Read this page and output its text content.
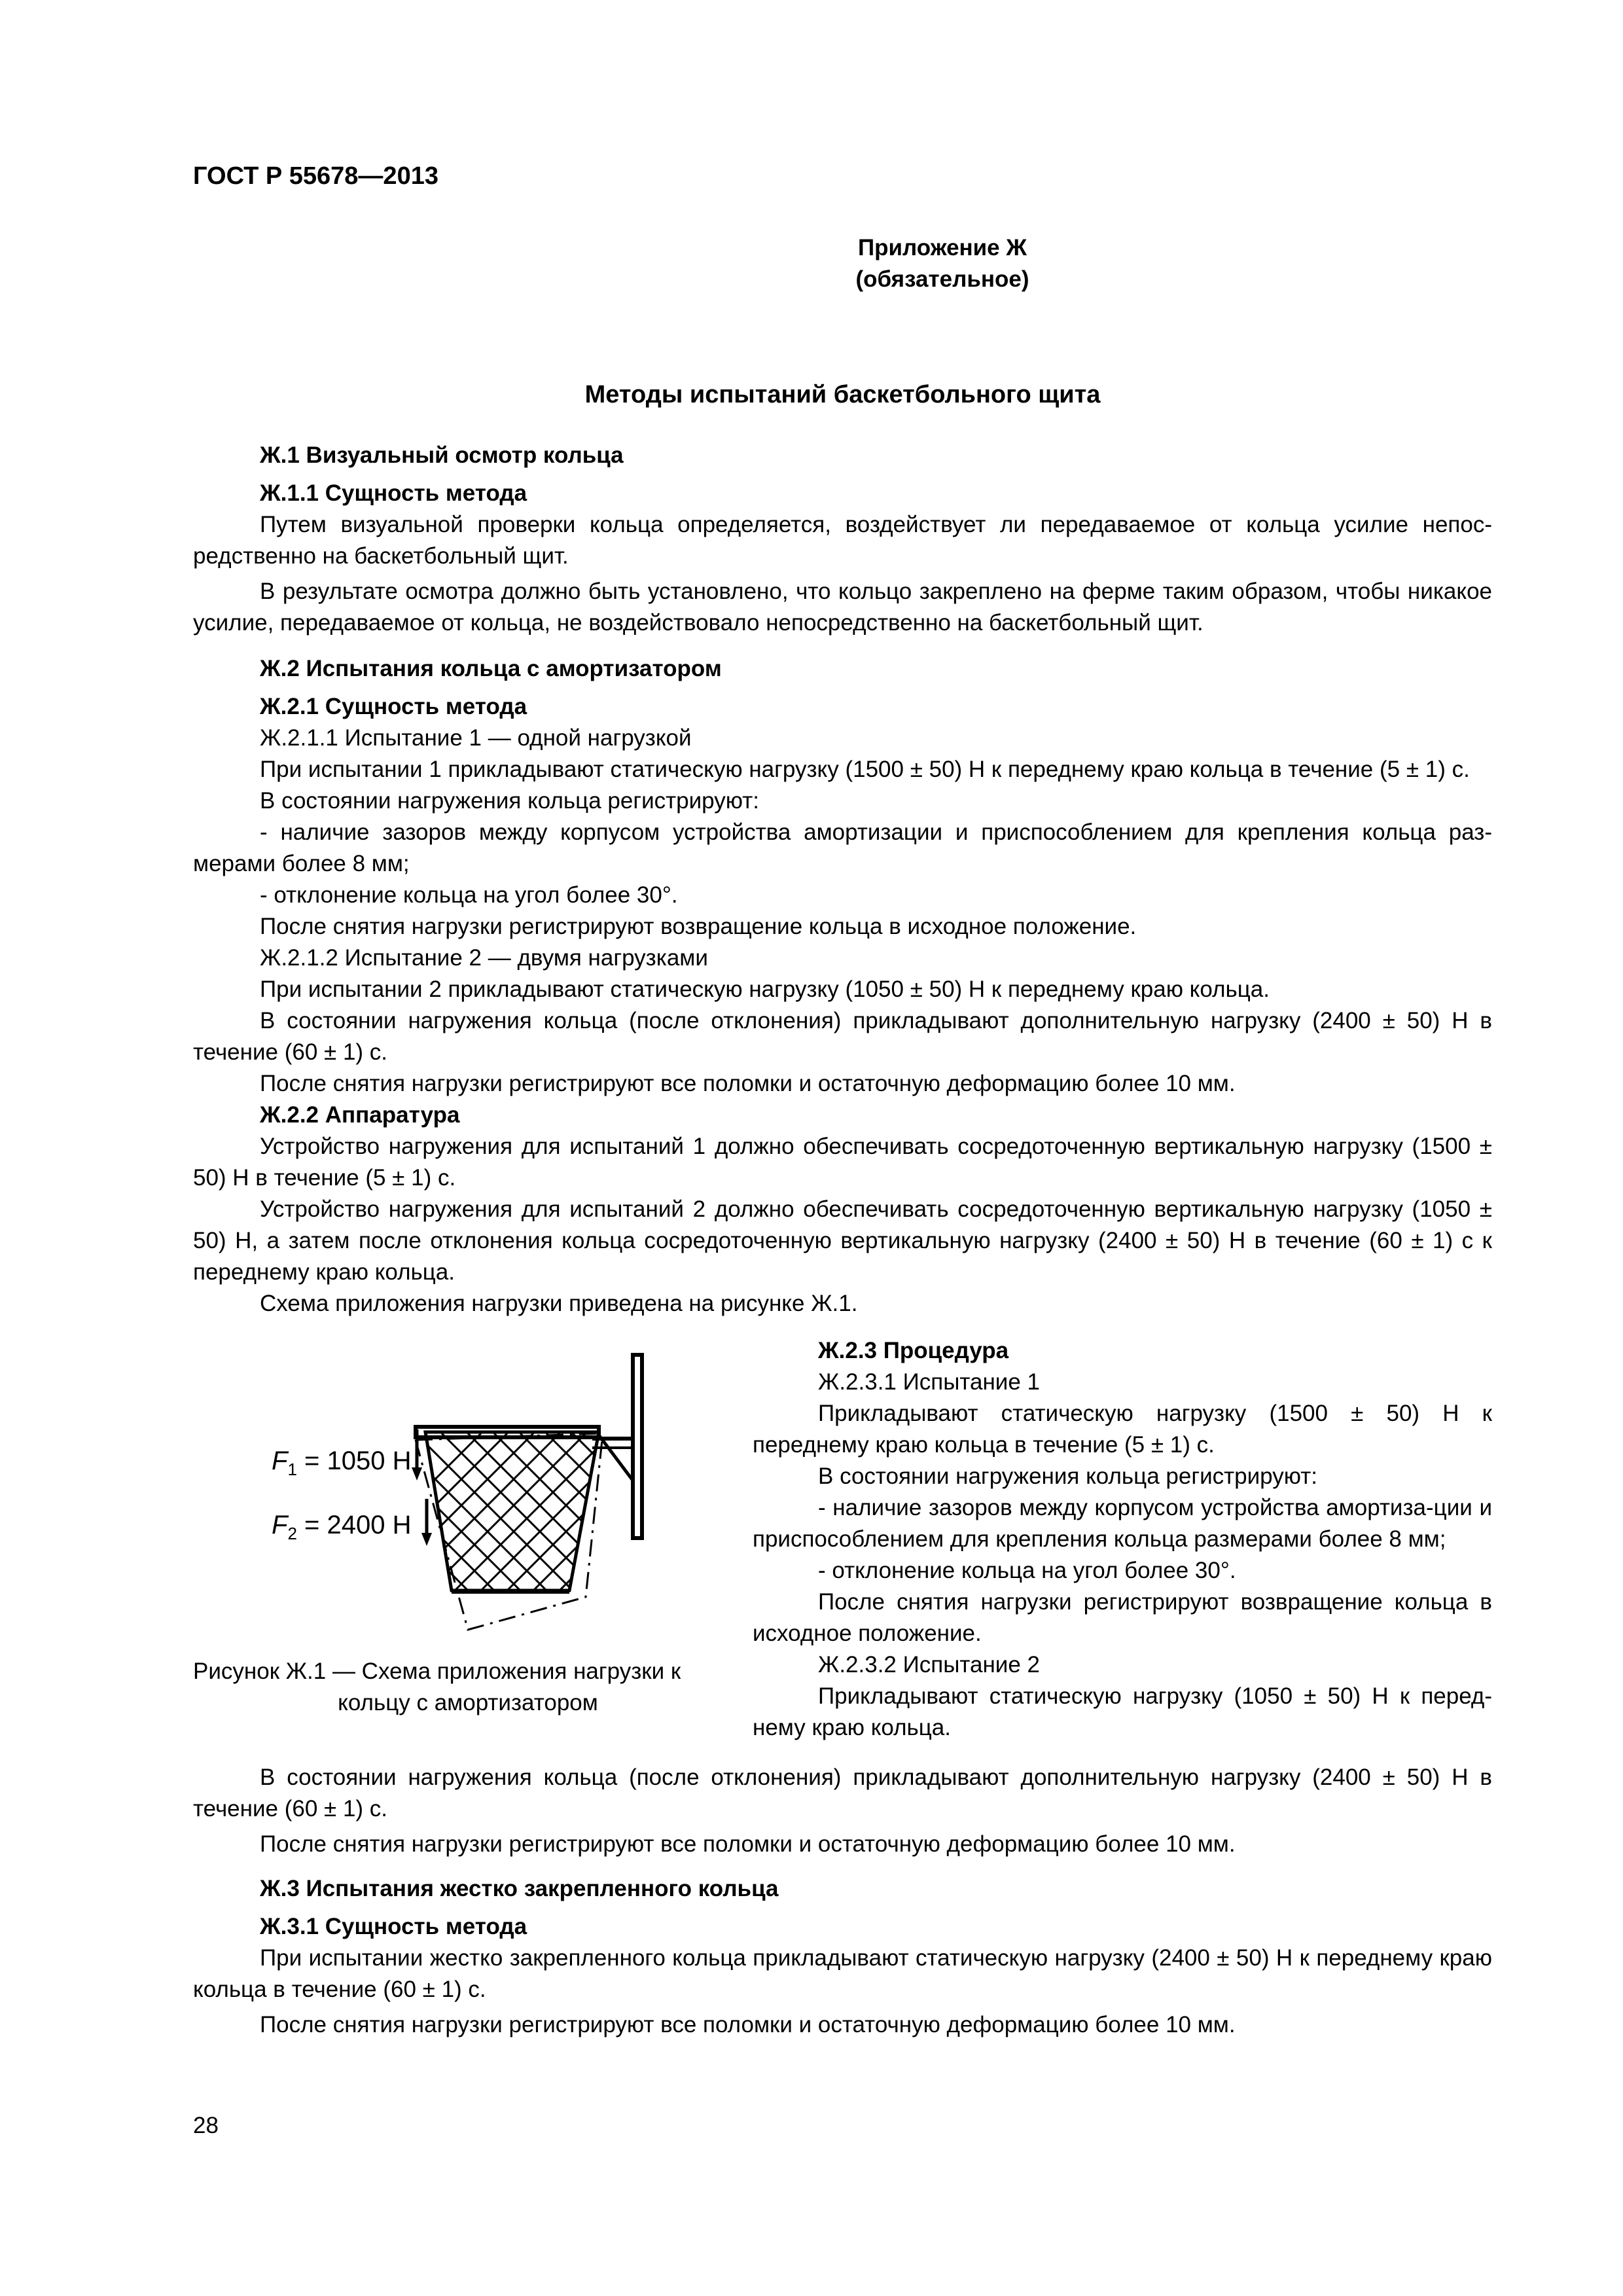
ГОСТ Р 55678—2013
Приложение Ж
(обязательное)
Методы испытаний баскетбольного щита

Ж.1 Визуальный осмотр кольца

Ж.1.1 Сущность метода

Путем визуальной проверки кольца определяется, воздействует ли передаваемое от кольца усилие непос-редственно на баскетбольный щит.

В результате осмотра должно быть установлено, что кольцо закреплено на ферме таким образом, чтобы никакое усилие, передаваемое от кольца, не воздействовало непосредственно на баскетбольный щит.

Ж.2 Испытания кольца с амортизатором

Ж.2.1 Сущность метода

Ж.2.1.1 Испытание 1 — одной нагрузкой

При испытании 1 прикладывают статическую нагрузку (1500 ± 50) Н к переднему краю кольца в течение (5 ± 1) с.

В состоянии нагружения кольца регистрируют:

- наличие зазоров между корпусом устройства амортизации и приспособлением для крепления кольца раз-мерами более 8 мм;

- отклонение кольца на угол более 30°.

После снятия нагрузки регистрируют возвращение кольца в исходное положение.

Ж.2.1.2 Испытание 2 — двумя нагрузками

При испытании 2 прикладывают статическую нагрузку (1050 ± 50) Н к переднему краю кольца.

В состоянии нагружения кольца (после отклонения) прикладывают дополнительную нагрузку (2400 ± 50) Н в течение (60 ± 1) с.

После снятия нагрузки регистрируют все поломки и остаточную деформацию более 10 мм.

Ж.2.2 Аппаратура

Устройство нагружения для испытаний 1 должно обеспечивать сосредоточенную вертикальную нагрузку (1500 ± 50) Н в течение (5 ± 1) с.

Устройство нагружения для испытаний 2 должно обеспечивать сосредоточенную вертикальную нагрузку (1050 ± 50) Н, а затем после отклонения кольца сосредоточенную вертикальную нагрузку (2400 ± 50) Н в течение (60 ± 1) с к переднему краю кольца.

Схема приложения нагрузки приведена на рисунке Ж.1.

$F_1 = 1050$ Н
$F_2 = 2400$ Н

Рисунок Ж.1 — Схема приложения нагрузки к

кольцу с амортизатором

Ж.2.3 Процедура

Ж.2.3.1 Испытание 1

Прикладывают статическую нагрузку (1500 ± 50) Н к переднему краю кольца в течение (5 ± 1) с.

В состоянии нагружения кольца регистрируют:

- наличие зазоров между корпусом устройства амортиза-ции и приспособлением для крепления кольца размерами более 8 мм;

- отклонение кольца на угол более 30°.

После снятия нагрузки регистрируют возвращение кольца в исходное положение.

Ж.2.3.2 Испытание 2

Прикладывают статическую нагрузку (1050 ± 50) Н к перед-нему краю кольца.

В состоянии нагружения кольца (после отклонения) прикладывают дополнительную нагрузку (2400 ± 50) Н в течение (60 ± 1) с.

После снятия нагрузки регистрируют все поломки и остаточную деформацию более 10 мм.

Ж.3 Испытания жестко закрепленного кольца

Ж.3.1 Сущность метода

При испытании жестко закрепленного кольца прикладывают статическую нагрузку (2400 ± 50) Н к переднему краю кольца в течение (60 ± 1) с.

После снятия нагрузки регистрируют все поломки и остаточную деформацию более 10 мм.

28
